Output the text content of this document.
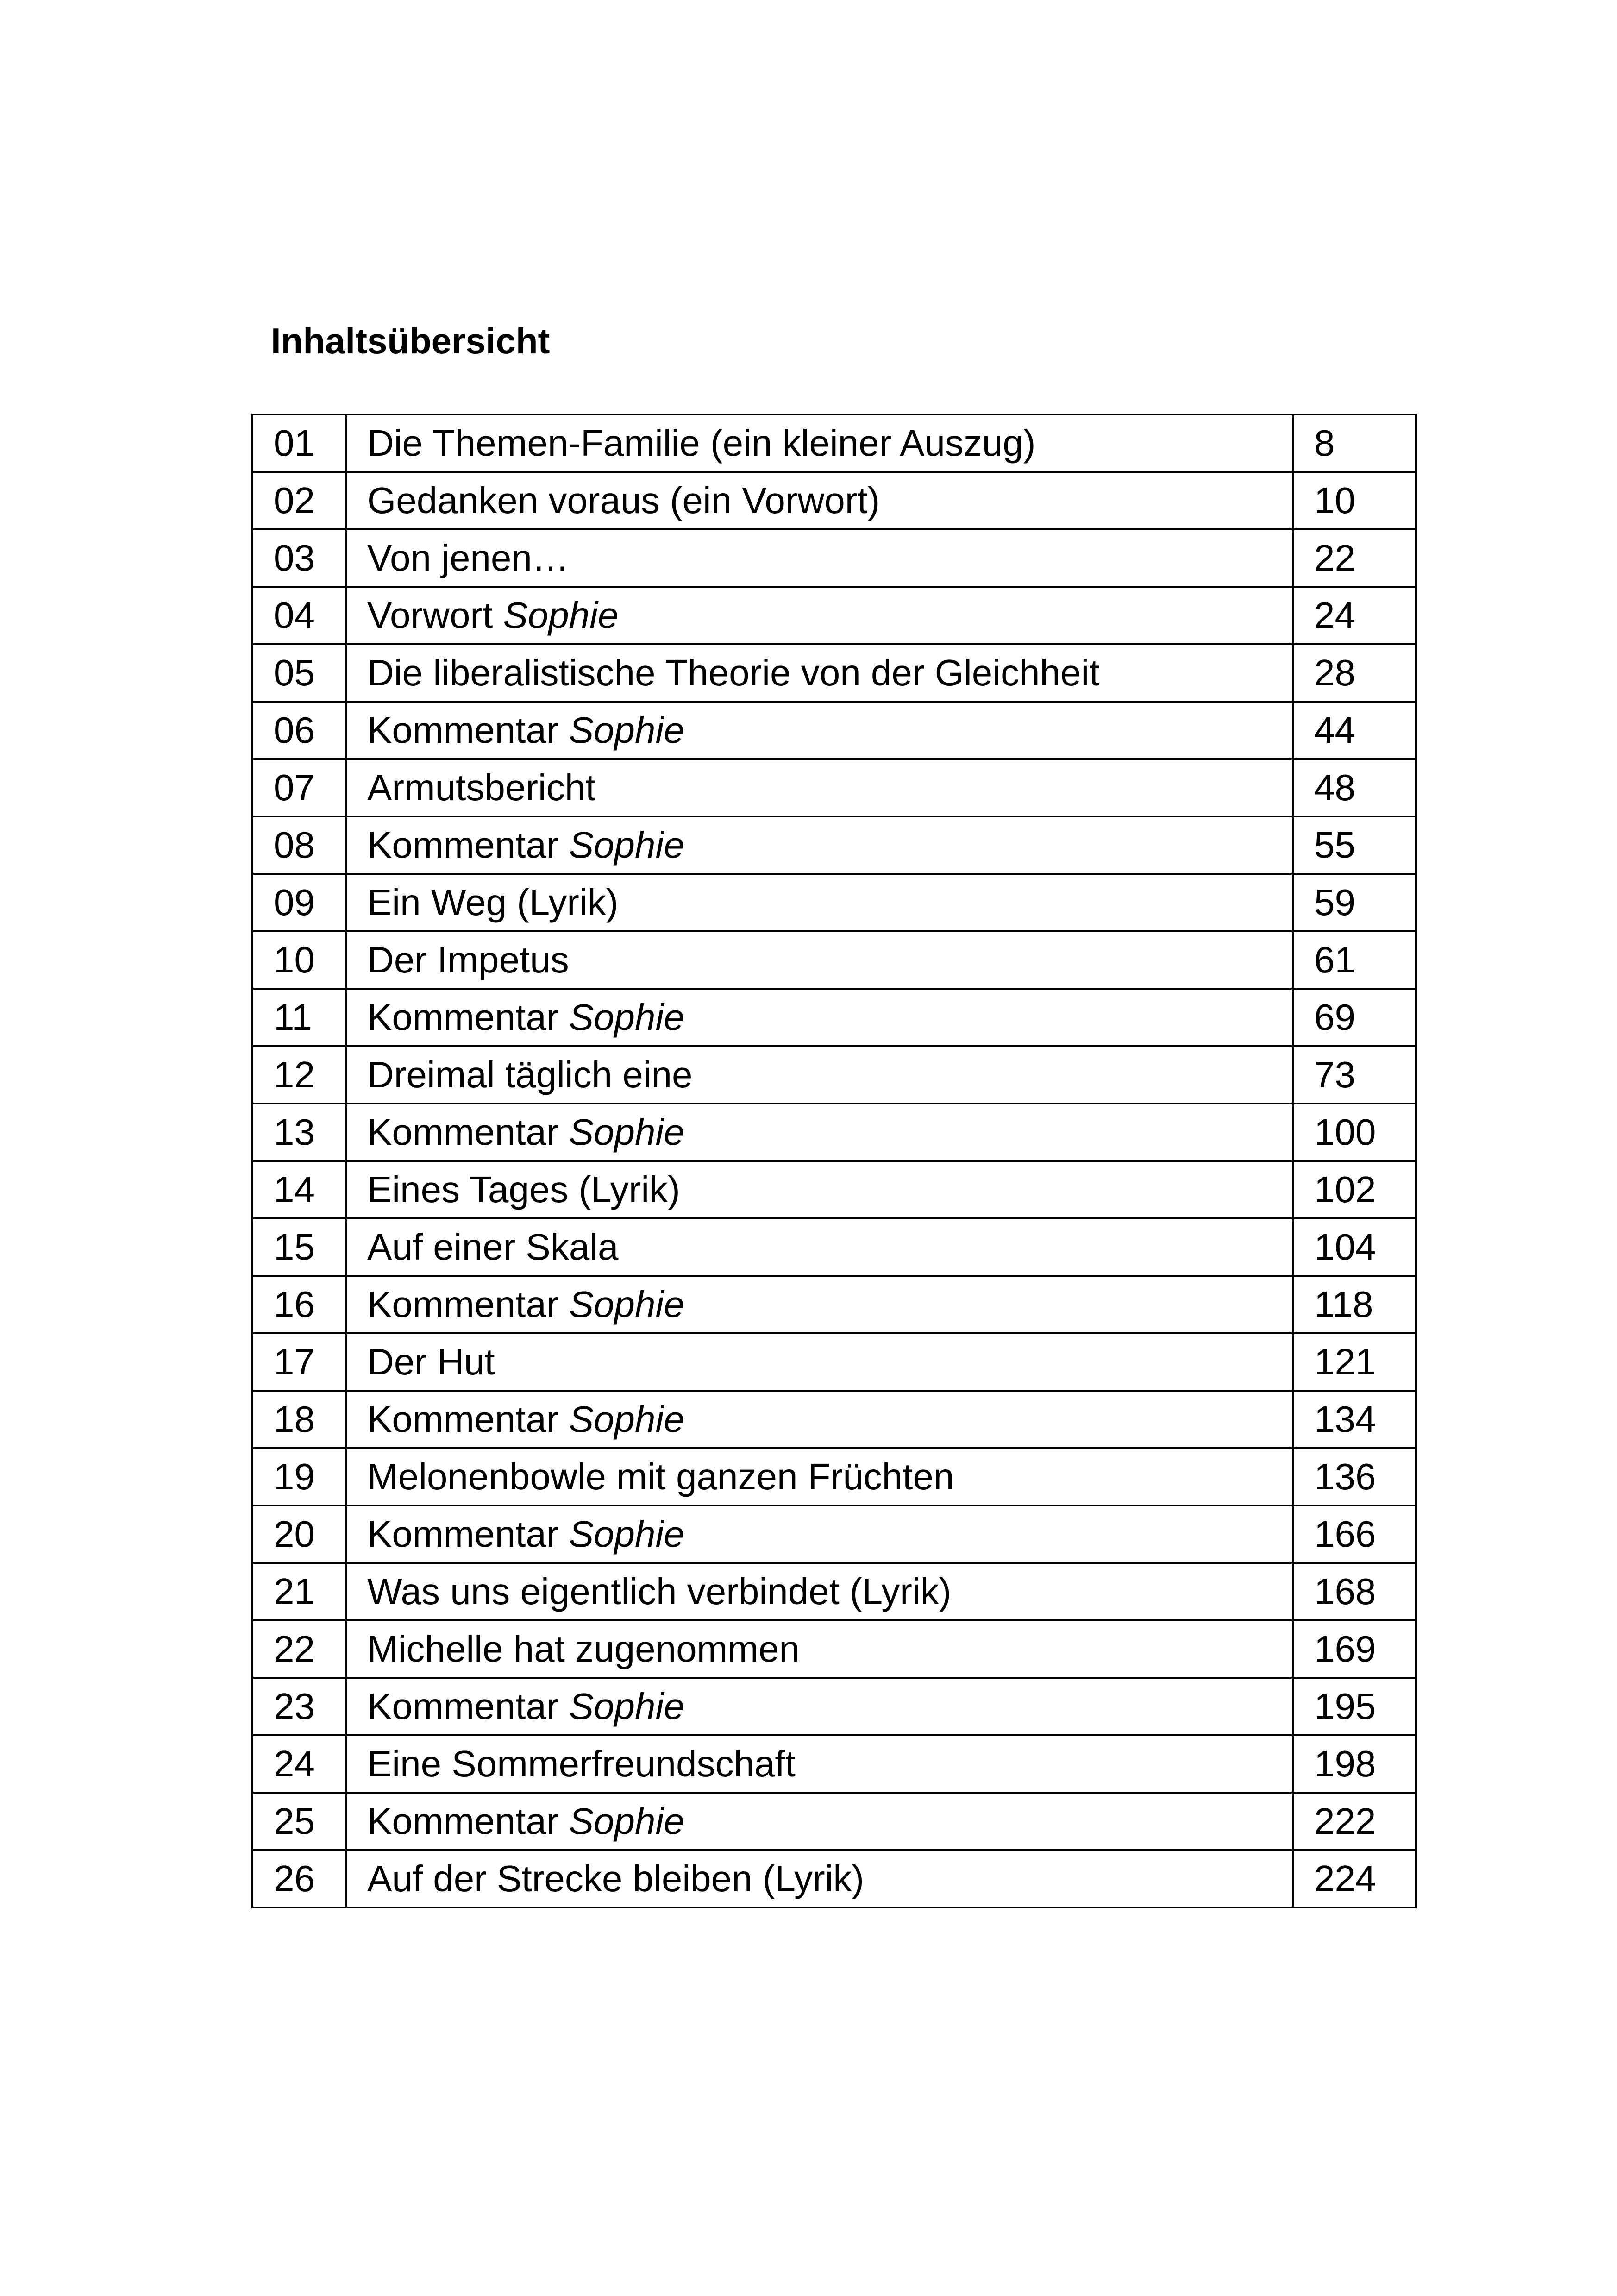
Inhaltsübersicht
01	Die Themen-Familie (ein kleiner Auszug)	8
02	Gedanken voraus (ein Vorwort)	10
03	Von jenen…	22
04	Vorwort Sophie	24
05	Die liberalistische Theorie von der Gleichheit	28
06	Kommentar Sophie	44
07	Armutsbericht	48
08	Kommentar Sophie	55
09	Ein Weg (Lyrik)	59
10	Der Impetus	61
11	Kommentar Sophie	69
12	Dreimal täglich eine	73
13	Kommentar Sophie	100
14	Eines Tages (Lyrik)	102
15	Auf einer Skala	104
16	Kommentar Sophie	118
17	Der Hut	121
18	Kommentar Sophie	134
19	Melonenbowle mit ganzen Früchten	136
20	Kommentar Sophie	166
21	Was uns eigentlich verbindet (Lyrik)	168
22	Michelle hat zugenommen	169
23	Kommentar Sophie	195
24	Eine Sommerfreundschaft	198
25	Kommentar Sophie	222
26	Auf der Strecke bleiben (Lyrik)	224
